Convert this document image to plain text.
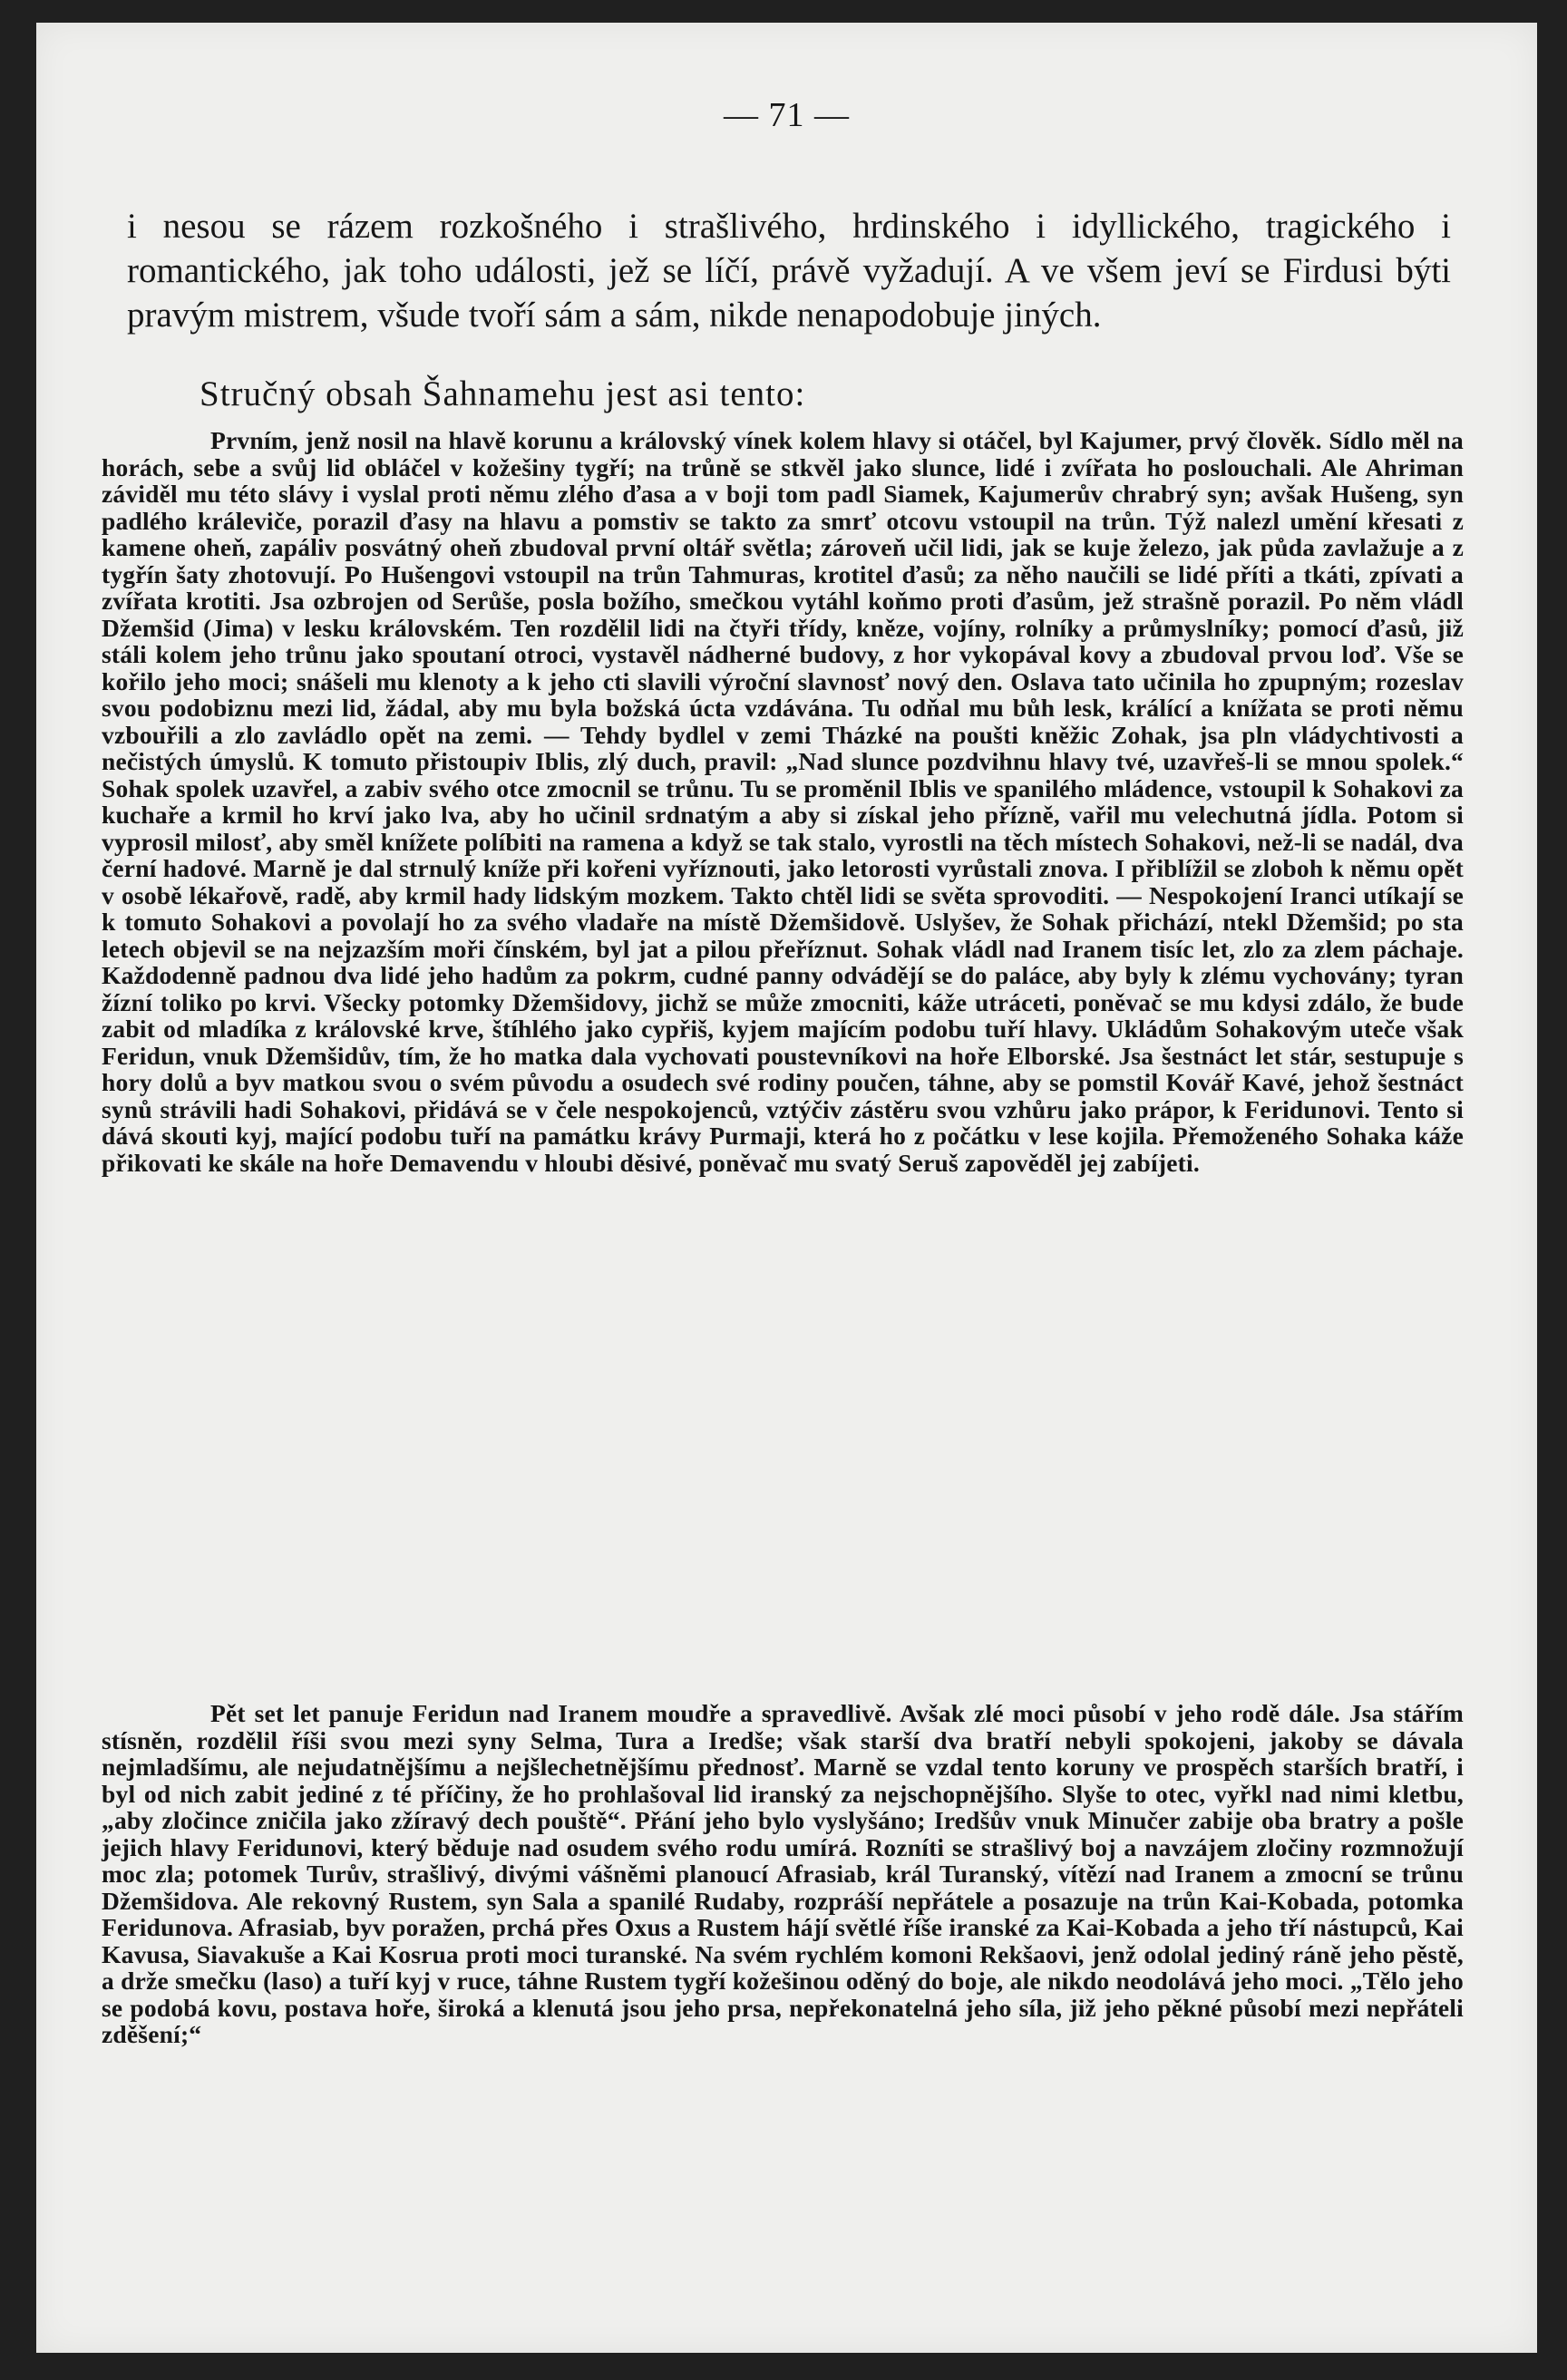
— 71 —

i nesou se rázem rozkošného i strašlivého, hrdinského i idyllického, tragického i romantického, jak toho události, jež se líčí, právě vyžadují. A ve všem jeví se Firdusi býti pravým mistrem, všude tvoří sám a sám, nikde nenapodobuje jiných.

Stručný obsah Šahnamehu jest asi tento:

Prvním, jenž nosil na hlavě korunu a královský vínek kolem hlavy si otáčel, byl Kajumer, prvý člověk. Sídlo měl na horách, sebe a svůj lid obláčel v kožešiny tygří; na trůně se stkvěl jako slunce, lidé i zvířata ho poslouchali. Ale Ahriman záviděl mu této slávy i vyslal proti němu zlého ďasa a v boji tom padl Siamek, Kajumerův chrabrý syn; avšak Hušeng, syn padlého králeviče, porazil ďasy na hlavu a pomstiv se takto za smrť otcovu vstoupil na trůn. Týž nalezl umění křesati z kamene oheň, zapáliv posvátný oheň zbudoval první oltář světla; zároveň učil lidi, jak se kuje železo, jak půda zavlažuje a z tygřín šaty zhotovují. Po Hušengovi vstoupil na trůn Tahmuras, krotitel ďasů; za něho naučili se lidé příti a tkáti, zpívati a zvířata krotiti. Jsa ozbrojen od Serůše, posla božího, smečkou vytáhl koňmo proti ďasům, jež strašně porazil. Po něm vládl Džemšid (Jima) v lesku královském. Ten rozdělil lidi na čtyři třídy, kněze, vojíny, rolníky a průmyslníky; pomocí ďasů, již stáli kolem jeho trůnu jako spoutaní otroci, vystavěl nádherné budovy, z hor vykopával kovy a zbudoval prvou loď. Vše se kořilo jeho moci; snášeli mu klenoty a k jeho cti slavili výroční slavnosť nový den. Oslava tato učinila ho zpupným; rozeslav svou podobiznu mezi lid, žádal, aby mu byla božská úcta vzdávána. Tu odňal mu bůh lesk, králící a knížata se proti němu vzbouřili a zlo zavládlo opět na zemi. — Tehdy bydlel v zemi Tházké na poušti kněžic Zohak, jsa pln vládychtivosti a nečistých úmyslů. K tomuto přistoupiv Iblis, zlý duch, pravil: „Nad slunce pozdvihnu hlavy tvé, uzavřeš-li se mnou spolek.“ Sohak spolek uzavřel, a zabiv svého otce zmocnil se trůnu. Tu se proměnil Iblis ve spanilého mládence, vstoupil k Sohakovi za kuchaře a krmil ho krví jako lva, aby ho učinil srdnatým a aby si získal jeho přízně, vařil mu velechutná jídla. Potom si vyprosil milosť, aby směl knížete políbiti na ramena a když se tak stalo, vyrostli na těch místech Sohakovi, než-li se nadál, dva černí hadové. Marně je dal strnulý kníže při kořeni vyříznouti, jako letorosti vyrůstali znova. I přiblížil se zloboh k němu opět v osobě lékařově, radě, aby krmil hady lidským mozkem. Takto chtěl lidi se světa sprovoditi. — Nespokojení Iranci utíkají se k tomuto Sohakovi a povolají ho za svého vladaře na místě Džemšidově. Uslyšev, že Sohak přichází, ntekl Džemšid; po sta letech objevil se na nejzazším moři čínském, byl jat a pilou přeříznut. Sohak vládl nad Iranem tisíc let, zlo za zlem páchaje. Každodenně padnou dva lidé jeho hadům za pokrm, cudné panny odvádějí se do paláce, aby byly k zlému vychovány; tyran žízní toliko po krvi. Všecky potomky Džemšidovy, jichž se může zmocniti, káže utráceti, poněvač se mu kdysi zdálo, že bude zabit od mladíka z královské krve, štíhlého jako cypřiš, kyjem majícím podobu tuří hlavy. Ukládům Sohakovým uteče však Feridun, vnuk Džemšidův, tím, že ho matka dala vychovati poustevníkovi na hoře Elborské. Jsa šestnáct let stár, sestupuje s hory dolů a byv matkou svou o svém původu a osudech své rodiny poučen, táhne, aby se pomstil Kovář Kavé, jehož šestnáct synů strávili hadi Sohakovi, přidává se v čele nespokojenců, vztýčiv zástěru svou vzhůru jako prápor, k Feridunovi. Tento si dává skouti kyj, mající podobu tuří na památku krávy Purmaji, která ho z počátku v lese kojila. Přemoženého Sohaka káže přikovati ke skále na hoře Demavendu v hloubi děsivé, poněvač mu svatý Seruš zapověděl jej zabíjeti.

Pět set let panuje Feridun nad Iranem moudře a spravedlivě. Avšak zlé moci působí v jeho rodě dále. Jsa stářím stísněn, rozdělil říši svou mezi syny Selma, Tura a Iredše; však starší dva bratří nebyli spokojeni, jakoby se dávala nejmladšímu, ale nejudatnějšímu a nejšlechetnějšímu přednosť. Marně se vzdal tento koruny ve prospěch starších bratří, i byl od nich zabit jediné z té příčiny, že ho prohlašoval lid iranský za nejschopnějšího. Slyše to otec, vyřkl nad nimi kletbu, „aby zločince zničila jako zžíravý dech pouště“. Přání jeho bylo vyslyšáno; Iredšův vnuk Minučer zabije oba bratry a pošle jejich hlavy Feridunovi, který běduje nad osudem svého rodu umírá. Rozníti se strašlivý boj a navzájem zločiny rozmnožují moc zla; potomek Turův, strašlivý, divými vášněmi planoucí Afrasiab, král Turanský, vítězí nad Iranem a zmocní se trůnu Džemšidova. Ale rekovný Rustem, syn Sala a spanilé Rudaby, rozpráší nepřátele a posazuje na trůn Kai-Kobada, potomka Feridunova. Afrasiab, byv poražen, prchá přes Oxus a Rustem hájí světlé říše iranské za Kai-Kobada a jeho tří nástupců, Kai Kavusa, Siavakuše a Kai Kosrua proti moci turanské. Na svém rychlém komoni Rekšaovi, jenž odolal jediný ráně jeho pěstě, a drže smečku (laso) a tuří kyj v ruce, táhne Rustem tygří kožešinou oděný do boje, ale nikdo neodolává jeho moci. „Tělo jeho se podobá kovu, postava hoře, široká a klenutá jsou jeho prsa, nepřekonatelná jeho síla, již jeho pěkné působí mezi nepřáteli zděšení;“
